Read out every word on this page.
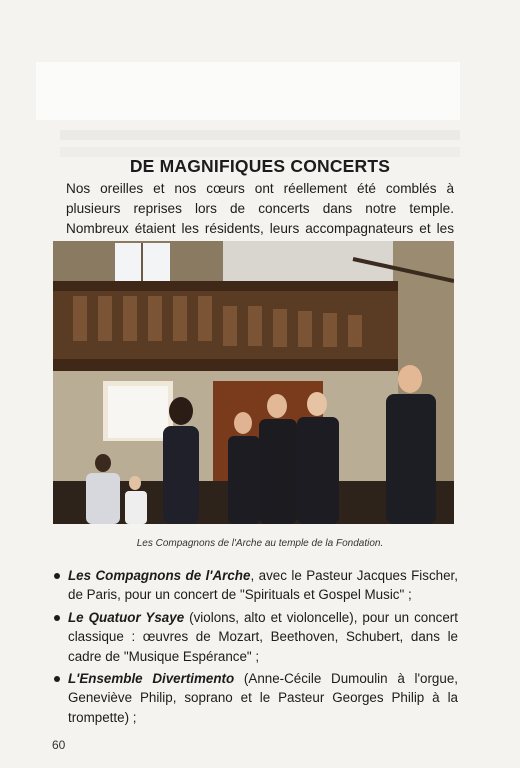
DE MAGNIFIQUES CONCERTS

Nos oreilles et nos cœurs ont réellement été comblés à plusieurs reprises lors de concerts dans notre temple. Nombreux étaient les résidents, leurs accompagnateurs et les

Les Compagnons de l'Arche au temple de la Fondation.
Les Compagnons de l'Arche, avec le Pasteur Jacques Fischer, de Paris, pour un concert de "Spirituals et Gospel Music" ;
Le Quatuor Ysaye (violons, alto et violoncelle), pour un concert classique : œuvres de Mozart, Beethoven, Schubert, dans le cadre de "Musique Espérance" ;
L'Ensemble Divertimento (Anne-Cécile Dumoulin à l'orgue, Geneviève Philip, soprano et le Pasteur Georges Philip à la trompette) ;
60
